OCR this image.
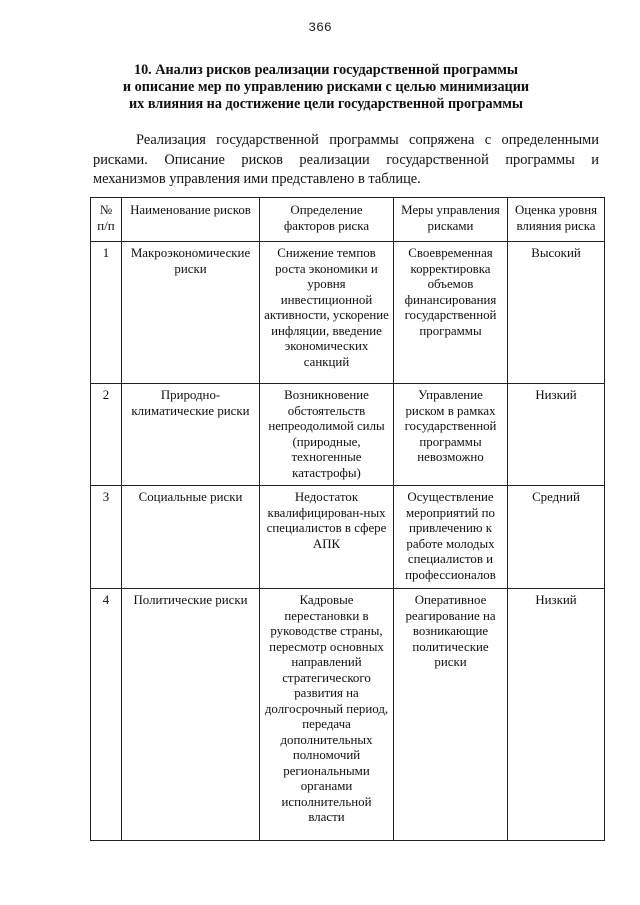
366
10. Анализ рисков реализации государственной программы
и описание мер по управлению рисками с целью минимизации
их влияния на достижение цели государственной программы
Реализация государственной программы сопряжена с определенными
рисками. Описание рисков реализации государственной программы и
механизмов управления ими представлено в таблице.
№ п/п	Наименование рисков	Определение факторов риска	Меры управления рисками	Оценка уровня влияния риска
1	Макроэкономические риски	Снижение темпов роста экономики и уровня инвестиционной активности, ускорение инфляции, введение экономических санкций	Своевременная корректировка объемов финансирования государственной программы	Высокий
2	Природно-климатические риски	Возникновение обстоятельств непреодолимой силы (природные, техногенные катастрофы)	Управление риском в рамках государственной программы невозможно	Низкий
3	Социальные риски	Недостаток квалифицирован-ных специалистов в сфере АПК	Осуществление мероприятий по привлечению к работе молодых специалистов и профессионалов	Средний
4	Политические риски	Кадровые перестановки в руководстве страны, пересмотр основных направлений стратегического развития на долгосрочный период, передача дополнительных полномочий региональными органами исполнительной власти	Оперативное реагирование на возникающие политические риски	Низкий
